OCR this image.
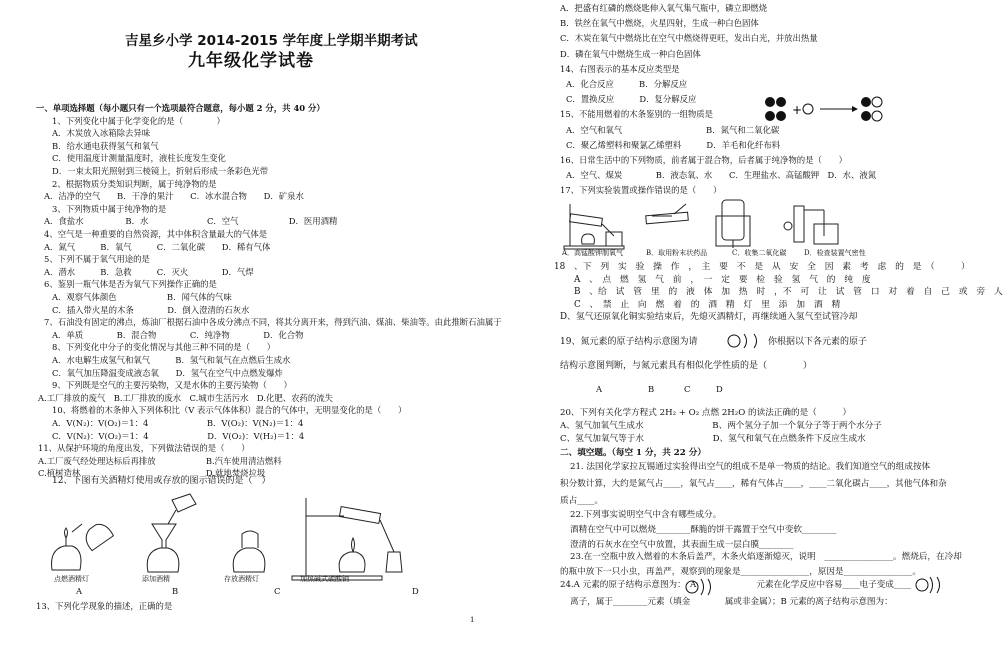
吉星乡小学 2014-2015 学年度上学期半期考试
九年级化学试卷
一、单项选择题（每小题只有一个选项最符合题意，每小题 2 分，共 40 分）
1、下列变化中属于化学变化的是（　　　　）
A．木炭放入冰箱除去异味
B．给水通电获得氢气和氧气
C．使用温度计测量温度时，液柱长度发生变化
D．一束太阳光照射到三棱镜上，折射后形成一条彩色光带
2、根据物质分类知识判断，属于纯净物的是
A．洁净的空气　　B．干净的果汁　　C．冰水混合物　　D．矿泉水
3、下列物质中属于纯净物的是
A．食盐水　　　　　B．水　　　　　　　C．空气　　　　　　D．医用酒精
4、空气是一种重要的自然资源，其中体积含量最大的气体是
A．氮气　　　B．氧气　　　C．二氧化碳　　D．稀有气体
5、下列不属于氧气用途的是
A．潜水　　　B．急救　　　C．灭火　　　　D．气焊
6、鉴别一瓶气体是否为氧气下列操作正确的是
A．观察气体颜色　　　　　　B．闻气体的气味
C．插入带火星的木条　　　　D．倒入澄清的石灰水
7、石油没有固定的沸点，炼油厂根据石油中各成分沸点不同，将其分离开来，得到汽油、煤油、柴油等。由此推断石油属于
A．单质　　　　B．混合物　　　　C．纯净物　　　　D．化合物
8、下列变化中分子的变化情况与其他三种不同的是（　　）
A．水电解生成氢气和氧气　　　B．氢气和氧气在点燃后生成水
C．氧气加压降温变成液态氧　　D．氢气在空气中点燃发爆炸
9、下列既是空气的主要污染物，又是水体的主要污染物（　　）
A.工厂排放的废气　B.工厂排放的废水　C.城市生活污水　D.化肥、农药的流失
10、将燃着的木条伸入下列体积比（V 表示气体体积）混合的气体中，无明显变化的是（　　）
A．V(N₂)：V(O₂)＝1：4　　　　　　　B．V(O₂)：V(N₂)＝1：4
C．V(N₂)：V(O₂)＝1：4　　　　　　　D．V(O₂)：V(H₂)＝1：4
11、从保护环境的角度出发，下列做法错误的是（　　）
A.工厂废气经处理达标后再排放　　　　　　B.汽车使用清洁燃料
C.植树造林　　　　　　　　　　　　　　　D.就地焚烧垃圾
12、下图有关酒精灯使用或存放的图示错误的是（　）
点燃酒精灯	添加酒精	存放酒精灯	加热碱式碳酸铜
A	B	C	D
13、下列化学现象的描述，正确的是
1
A．把盛有红磷的燃烧匙伸入氧气集气瓶中，磷立即燃烧
B．铁丝在氧气中燃烧，火星四射，生成一种白色固体
C．木炭在氧气中燃烧比在空气中燃烧得更旺，发出白光，并放出热量
D．磷在氧气中燃烧生成一种白色固体
14、右图表示的基本反应类型是
A．化合反应　　　B．分解反应
C．置换反应　　　D．复分解反应
15、不能用燃着的木条鉴别的一组物质是
A．空气和氧气　　　　　　　　　　B．氮气和二氧化碳
C．聚乙烯塑料和聚氯乙烯塑料　　　D．羊毛和化纤布料
16、日常生活中的下列物质，前者属于混合物，后者属于纯净物的是（　　）
A．空气、煤炭　　　　B．液态氧、水　　C．生理盐水、高锰酸钾　D．水、液氮
17、下列实验装置或操作错误的是（　　）
+
A．高锰酸钾制氧气	B．取用粉末状药品	C．收集二氧化碳	D．检查装置气密性
18　、下　列　实　验　操　作　，　主　要　不　是　从　安　全　因　素　考　虑　的　是　（　　　）
A　、　点　燃　氢　气　前　，　一　定　要　检　验　氢　气　的　纯　度
B　、给　试　管　里　的　液　体　加　热　时　，不　可　让　试　管　口　对　着　自　己　或　旁　人
C　、　禁　止　向　燃　着　的　酒　精　灯　里　添　加　酒　精
D、氢气还原氧化铜实验结束后，先熄灭酒精灯，再继续通入氢气至试管冷却
19、氮元素的原子结构示意图为请	你根据以下各元素的原子
结构示意图判断，与氮元素具有相似化学性质的是（　　　　）
A	B	C	D
20、下列有关化学方程式 2H₂ + O₂ 点燃 2H₂O 的读法正确的是（　　　）
A、氢气加氧气生成水　　　　　　　　B、两个氢分子加一个氧分子等于两个水分子
C、氢气加氧气等于水　　　　　　　　D、氢气和氧气在点燃条件下反应生成水
二、填空题。（每空 1 分，共 22 分）
21. 法国化学家拉瓦锡通过实验得出空气的组成不是单一物质的结论。我们知道空气的组成按体
积分数计算，大约是氮气占____，氧气占____，稀有气体占____，____二氧化碳占____，其他气体和杂
质占____。
22.下列事实说明空气中含有哪些成分。
酒精在空气中可以燃烧________酥脆的饼干露置于空气中变软________
澄清的石灰水在空气中放置，其表面生成一层白膜________
23.在一空瓶中放入燃着的木条后盖严，木条火焰逐渐熄灭，说明　________________。燃烧后，在冷却
的瓶中放下一只小虫，再盖严，观察到的现象是________________，原因是________________。
24.A 元素的原子结构示意图为：　A　　　　　　　元素在化学反应中容易____电子变成____
离子，属于________元素（填金　　　　属或非金属）；B 元素的离子结构示意图为：
